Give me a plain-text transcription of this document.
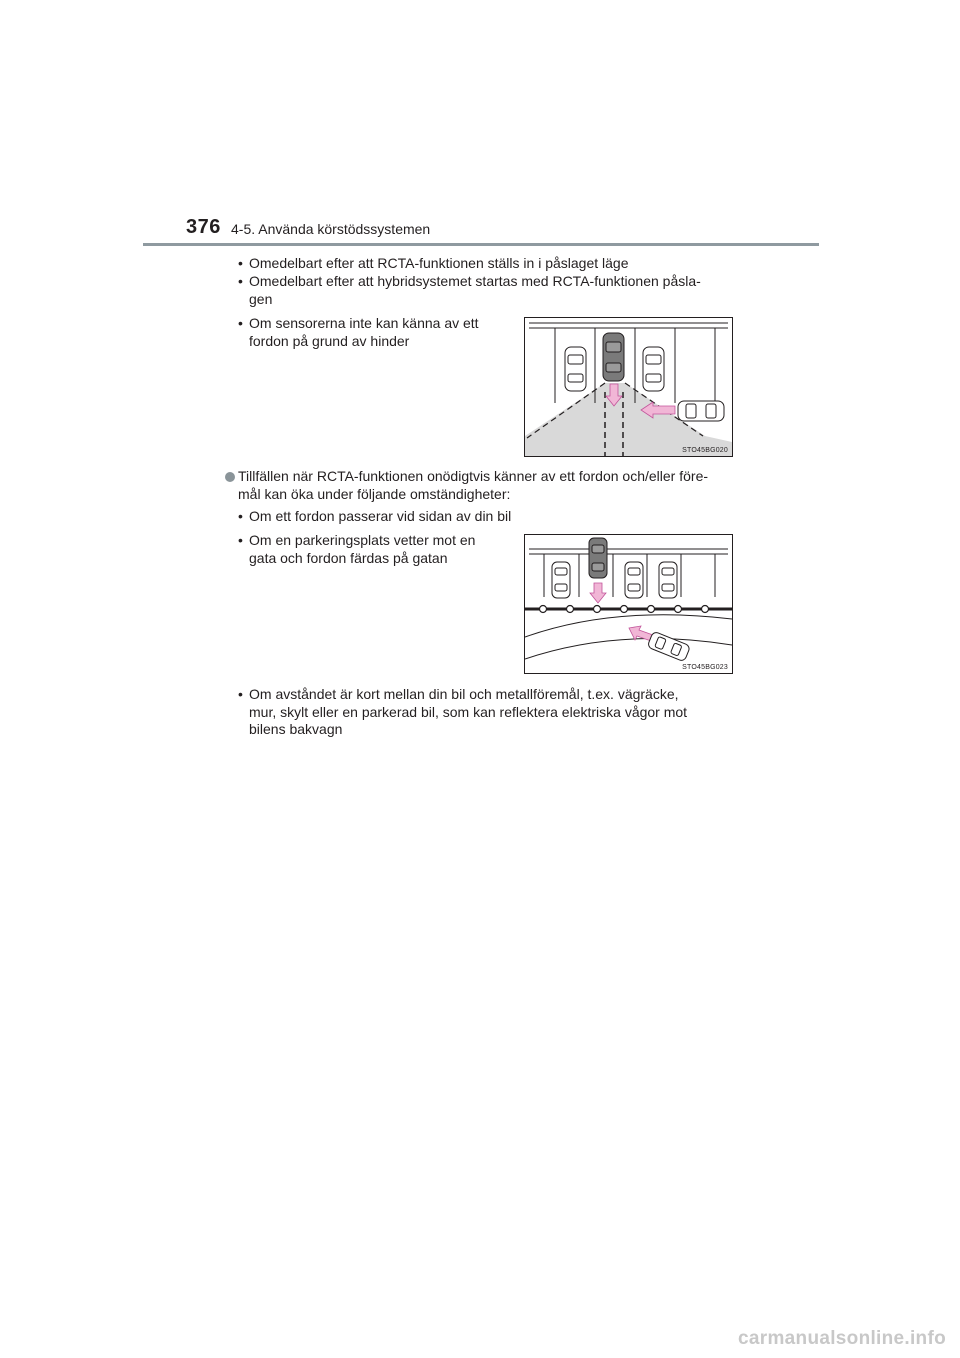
376 4-5. Använda körstödssystemen
• Omedelbart efter att RCTA-funktionen ställs in i påslaget läge
• Omedelbart efter att hybridsystemet startas med RCTA-funktionen påsla-
gen
• Om sensorerna inte kan känna av ett
fordon på grund av hinder
STO45BG020
Tillfällen när RCTA-funktionen onödigtvis känner av ett fordon och/eller före-
mål kan öka under följande omständigheter:
• Om ett fordon passerar vid sidan av din bil
• Om en parkeringsplats vetter mot en
gata och fordon färdas på gatan
STO45BG023
• Om avståndet är kort mellan din bil och metallföremål, t.ex. vägräcke,
mur, skylt eller en parkerad bil, som kan reflektera elektriska vågor mot
bilens bakvagn
carmanualsonline.info
